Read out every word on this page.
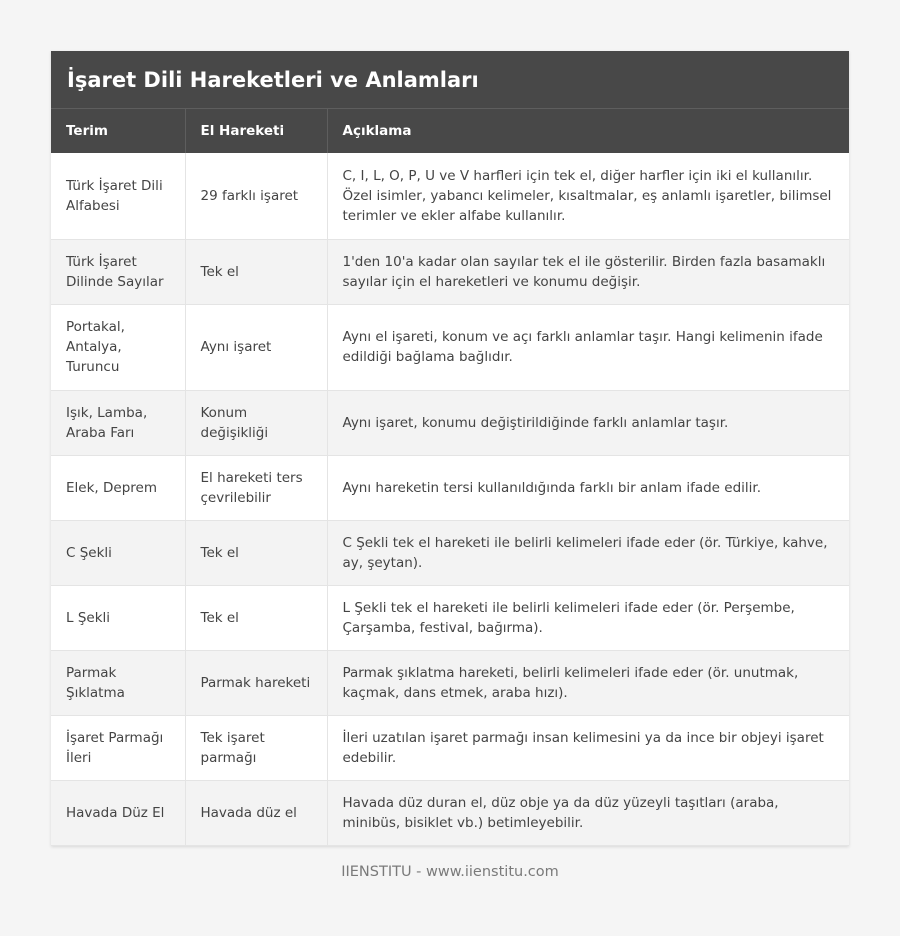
İşaret Dili Hareketleri ve Anlamları
Terim	El Hareketi	Açıklama
Türk İşaret Dili Alfabesi	29 farklı işaret	C, I, L, O, P, U ve V harfleri için tek el, diğer harfler için iki el kullanılır. Özel isimler, yabancı kelimeler, kısaltmalar, eş anlamlı işaretler, bilimsel terimler ve ekler alfabe kullanılır.
Türk İşaret Dilinde Sayılar	Tek el	1'den 10'a kadar olan sayılar tek el ile gösterilir. Birden fazla basamaklı sayılar için el hareketleri ve konumu değişir.
Portakal, Antalya, Turuncu	Aynı işaret	Aynı el işareti, konum ve açı farklı anlamlar taşır. Hangi kelimenin ifade edildiği bağlama bağlıdır.
Işık, Lamba, Araba Farı	Konum değişikliği	Aynı işaret, konumu değiştirildiğinde farklı anlamlar taşır.
Elek, Deprem	El hareketi ters çevrilebilir	Aynı hareketin tersi kullanıldığında farklı bir anlam ifade edilir.
C Şekli	Tek el	C Şekli tek el hareketi ile belirli kelimeleri ifade eder (ör. Türkiye, kahve, ay, şeytan).
L Şekli	Tek el	L Şekli tek el hareketi ile belirli kelimeleri ifade eder (ör. Perşembe, Çarşamba, festival, bağırma).
Parmak Şıklatma	Parmak hareketi	Parmak şıklatma hareketi, belirli kelimeleri ifade eder (ör. unutmak, kaçmak, dans etmek, araba hızı).
İşaret Parmağı İleri	Tek işaret parmağı	İleri uzatılan işaret parmağı insan kelimesini ya da ince bir objeyi işaret edebilir.
Havada Düz El	Havada düz el	Havada düz duran el, düz obje ya da düz yüzeyli taşıtları (araba, minibüs, bisiklet vb.) betimleyebilir.
IIENSTITU - www.iienstitu.com
